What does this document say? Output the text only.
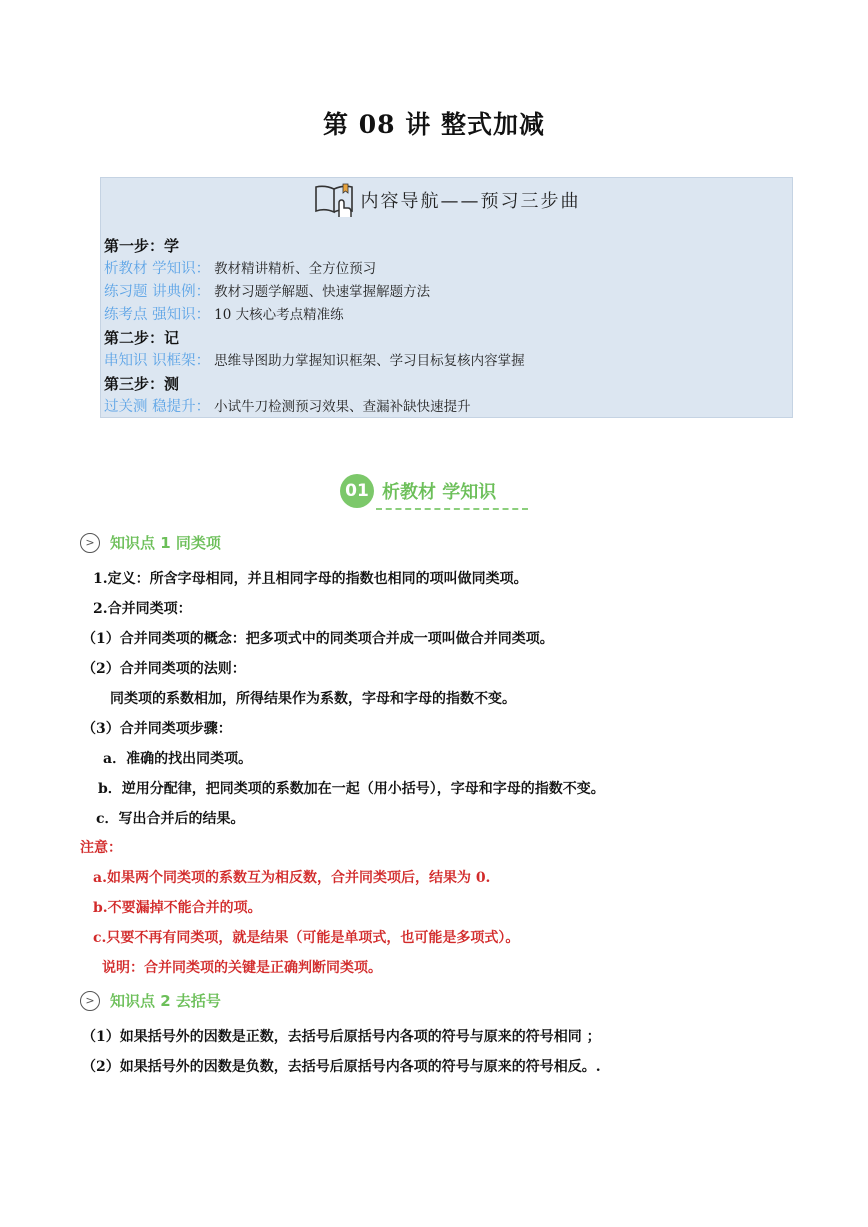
第 08 讲 整式加减
内容导航——预习三步曲
第一步：学
析教材 学知识： 教材精讲精析、全方位预习
练习题 讲典例： 教材习题学解题、快速掌握解题方法
练考点 强知识： 10 大核心考点精准练
第二步：记
串知识 识框架： 思维导图助力掌握知识框架、学习目标复核内容掌握
第三步：测
过关测 稳提升： 小试牛刀检测预习效果、查漏补缺快速提升
01 析教材 学知识
>	知识点 1 同类项
1.定义：所含字母相同，并且相同字母的指数也相同的项叫做同类项。
2.合并同类项：
（1）合并同类项的概念：把多项式中的同类项合并成一项叫做合并同类项。
（2）合并同类项的法则：
同类项的系数相加，所得结果作为系数，字母和字母的指数不变。
（3）合并同类项步骤：
a．准确的找出同类项。
b．逆用分配律，把同类项的系数加在一起（用小括号），字母和字母的指数不变。
c．写出合并后的结果。
注意：
a.如果两个同类项的系数互为相反数，合并同类项后，结果为 0.
b.不要漏掉不能合并的项。
c.只要不再有同类项，就是结果（可能是单项式，也可能是多项式）。
说明：合并同类项的关键是正确判断同类项。
>	知识点 2 去括号
（1）如果括号外的因数是正数，去括号后原括号内各项的符号与原来的符号相同 ；
（2）如果括号外的因数是负数，去括号后原括号内各项的符号与原来的符号相反。.
